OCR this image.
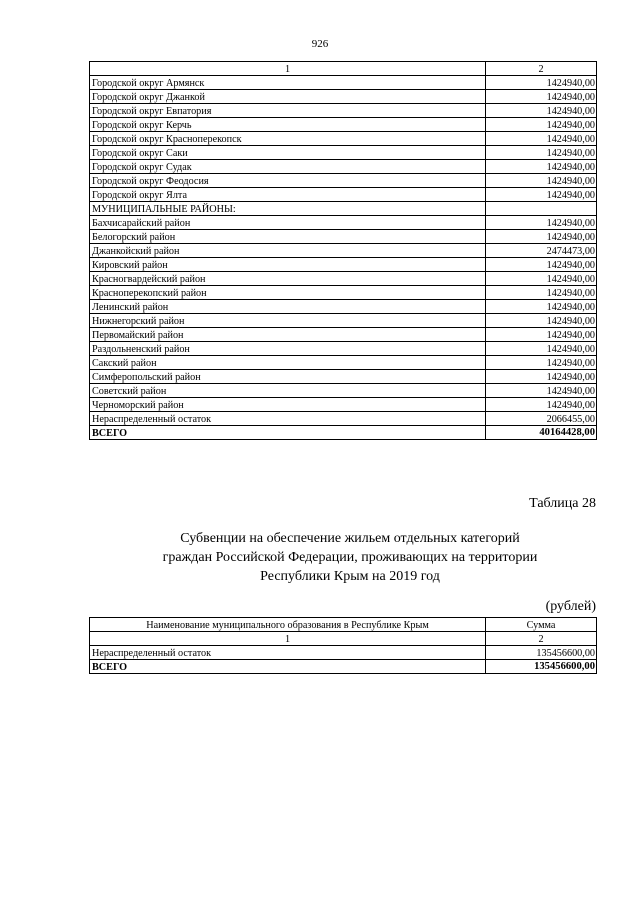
926
1	2
Городской округ Армянск	1424940,00
Городской округ Джанкой	1424940,00
Городской округ Евпатория	1424940,00
Городской округ Керчь	1424940,00
Городской округ Красноперекопск	1424940,00
Городской округ Саки	1424940,00
Городской округ Судак	1424940,00
Городской округ Феодосия	1424940,00
Городской округ Ялта	1424940,00
МУНИЦИПАЛЬНЫЕ РАЙОНЫ:	
Бахчисарайский район	1424940,00
Белогорский район	1424940,00
Джанкойский район	2474473,00
Кировский район	1424940,00
Красногвардейский район	1424940,00
Красноперекопский район	1424940,00
Ленинский район	1424940,00
Нижнегорский район	1424940,00
Первомайский район	1424940,00
Раздольненский район	1424940,00
Сакский район	1424940,00
Симферопольский район	1424940,00
Советский район	1424940,00
Черноморский район	1424940,00
Нераспределенный остаток	2066455,00
ВСЕГО	40164428,00
Таблица 28
Субвенции на обеспечение жильем отдельных категорий
граждан Российской Федерации, проживающих на территории
Республики Крым на 2019 год
(рублей)
Наименование муниципального образования в Республике Крым	Сумма
1	2
Нераспределенный остаток	135456600,00
ВСЕГО	135456600,00
